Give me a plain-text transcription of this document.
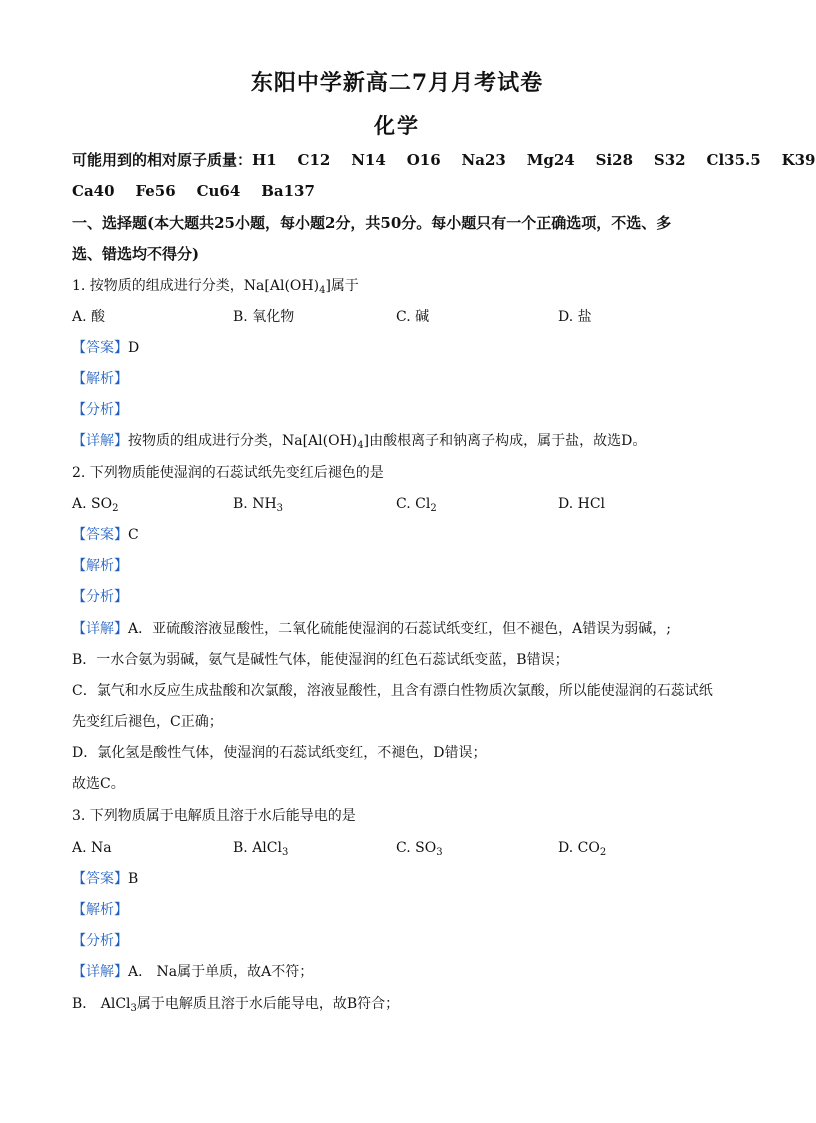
东阳中学新高二7月月考试卷
化学
可能用到的相对原子质量：H1 C12 N14 O16 Na23 Mg24 Si28 S32 Cl35.5 K39
Ca40 Fe56 Cu64 Ba137
一、选择题(本大题共25小题，每小题2分，共50分。每小题只有一个正确选项，不选、多
选、错选均不得分)
1. 按物质的组成进行分类，$Na[Al(OH)_4]$属于
A. 酸	B. 氧化物	C. 碱	D. 盐
【答案】D
【解析】
【分析】
【详解】按物质的组成进行分类，$Na[Al(OH)_4]$由酸根离子和钠离子构成，属于盐，故选D。
2. 下列物质能使湿润的石蕊试纸先变红后褪色的是
A. $SO_2$	B. $NH_3$	C. $Cl_2$	D. HCl
【答案】C
【解析】
【分析】
【详解】A．亚硫酸溶液显酸性，二氧化硫能使湿润的石蕊试纸变红，但不褪色，A错误为弱碱，;
B．一水合氨为弱碱，氨气是碱性气体，能使湿润的红色石蕊试纸变蓝，B错误；
C．氯气和水反应生成盐酸和次氯酸，溶液显酸性，且含有漂白性物质次氯酸，所以能使湿润的石蕊试纸
先变红后褪色，C正确；
D．氯化氢是酸性气体，使湿润的石蕊试纸变红，不褪色，D错误；
故选C。
3. 下列物质属于电解质且溶于水后能导电的是
A. Na	B. AlCl$_3$	C. $SO_3$	D. $CO_2$
【答案】B
【解析】
【分析】
【详解】A． Na属于单质，故A不符；
B． AlCl$_3$属于电解质且溶于水后能导电，故B符合；
